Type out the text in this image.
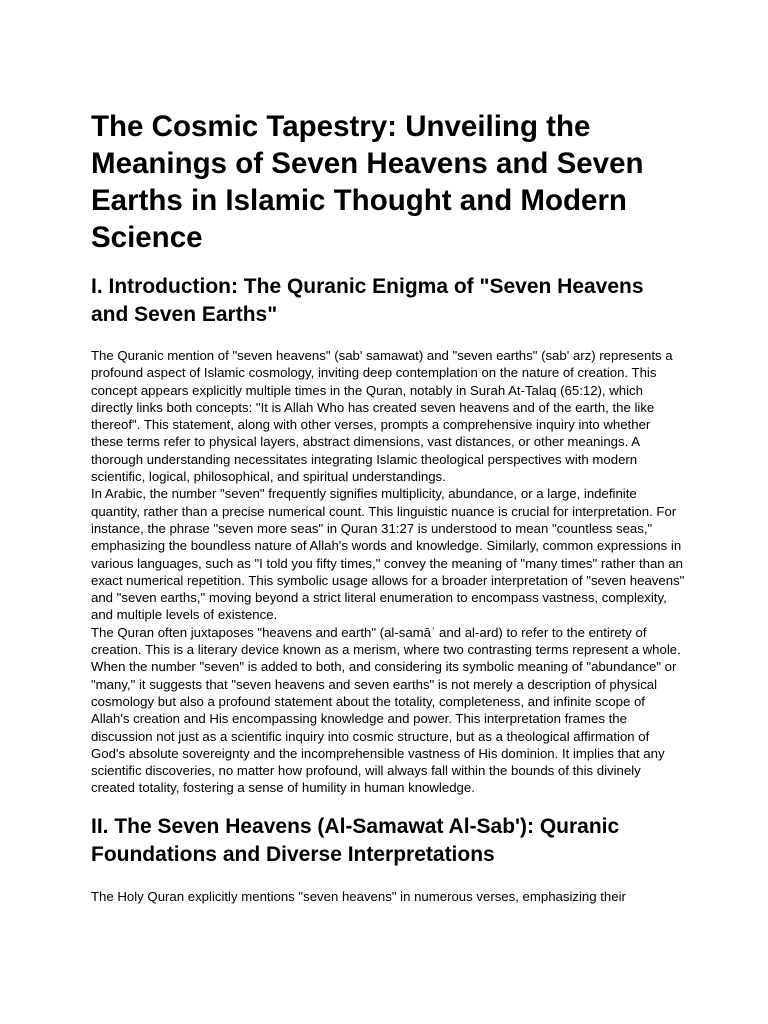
The Cosmic Tapestry: Unveiling the Meanings of Seven Heavens and Seven Earths in Islamic Thought and Modern Science
I. Introduction: The Quranic Enigma of "Seven Heavens and Seven Earths"

The Quranic mention of "seven heavens" (sab' samawat) and "seven earths" (sab' arz) represents a profound aspect of Islamic cosmology, inviting deep contemplation on the nature of creation. This concept appears explicitly multiple times in the Quran, notably in Surah At-Talaq (65:12), which directly links both concepts: "It is Allah Who has created seven heavens and of the earth, the like thereof". This statement, along with other verses, prompts a comprehensive inquiry into whether these terms refer to physical layers, abstract dimensions, vast distances, or other meanings. A thorough understanding necessitates integrating Islamic theological perspectives with modern scientific, logical, philosophical, and spiritual understandings.

In Arabic, the number "seven" frequently signifies multiplicity, abundance, or a large, indefinite quantity, rather than a precise numerical count. This linguistic nuance is crucial for interpretation. For instance, the phrase "seven more seas" in Quran 31:27 is understood to mean "countless seas," emphasizing the boundless nature of Allah's words and knowledge. Similarly, common expressions in various languages, such as "I told you fifty times," convey the meaning of "many times" rather than an exact numerical repetition. This symbolic usage allows for a broader interpretation of "seven heavens" and "seven earths," moving beyond a strict literal enumeration to encompass vastness, complexity, and multiple levels of existence.

The Quran often juxtaposes "heavens and earth" (al-samāʾ and al-ard) to refer to the entirety of creation. This is a literary device known as a merism, where two contrasting terms represent a whole. When the number "seven" is added to both, and considering its symbolic meaning of "abundance" or "many," it suggests that "seven heavens and seven earths" is not merely a description of physical cosmology but also a profound statement about the totality, completeness, and infinite scope of Allah's creation and His encompassing knowledge and power. This interpretation frames the discussion not just as a scientific inquiry into cosmic structure, but as a theological affirmation of God's absolute sovereignty and the incomprehensible vastness of His dominion. It implies that any scientific discoveries, no matter how profound, will always fall within the bounds of this divinely created totality, fostering a sense of humility in human knowledge.

II. The Seven Heavens (Al-Samawat Al-Sab'): Quranic Foundations and Diverse Interpretations

The Holy Quran explicitly mentions "seven heavens" in numerous verses, emphasizing their
